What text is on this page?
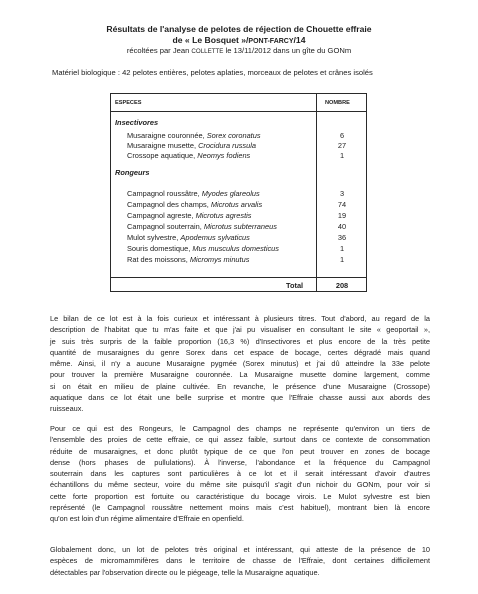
Résultats de l'analyse de pelotes de réjection de Chouette effraie
de « Le Bosquet »/PONT-FARCY/14
récoltées par Jean COLLETTE le 13/11/2012 dans un gîte du GONm
Matériel biologique : 42 pelotes entières, pelotes aplaties, morceaux de pelotes et crânes isolés
ESPECES	NOMBRE
Insectivores
Musaraigne couronnée, Sorex coronatus	6
Musaraigne musette, Crocidura russula	27
Crossope aquatique, Neomys fodiens	1
Rongeurs
Campagnol roussâtre, Myodes glareolus	3
Campagnol des champs, Microtus arvalis	74
Campagnol agreste, Microtus agrestis	19
Campagnol souterrain, Microtus subterraneus	40
Mulot sylvestre, Apodemus sylvaticus	36
Souris domestique, Mus musculus domesticus	1
Rat des moissons, Micromys minutus	1
Total	208
Le bilan de ce lot est à la fois curieux et intéressant à plusieurs titres. Tout d'abord, au regard de la
description de l'habitat que tu m'as faite et que j'ai pu visualiser en consultant le site « geoportail »,
je suis très surpris de la faible proportion (16,3 %) d'Insectivores et plus encore de la très petite
quantité de musaraignes du genre Sorex dans cet espace de bocage, certes dégradé mais quand
même. Ainsi, il n'y a aucune Musaraigne pygmée (Sorex minutus) et j'ai dû atteindre la 33e pelote
pour trouver la première Musaraigne couronnée. La Musaraigne musette domine largement, comme
si on était en milieu de plaine cultivée. En revanche, le présence d'une Musaraigne (Crossope)
aquatique dans ce lot était une belle surprise et montre que l'Effraie chasse aussi aux abords des
ruisseaux.
Pour ce qui est des Rongeurs, le Campagnol des champs ne représente qu'environ un tiers de
l'ensemble des proies de cette effraie, ce qui assez faible, surtout dans ce contexte de consommation
réduite de musaraignes, et donc plutôt typique de ce que l'on peut trouver en zones de bocage
dense (hors phases de pullulations). À l'inverse, l'abondance et la fréquence du Campagnol
souterrain dans les captures sont particulières à ce lot et il serait intéressant d'avoir d'autres
échantillons du même secteur, voire du même site puisqu'il s'agit d'un nichoir du GONm, pour voir si
cette forte proportion est fortuite ou caractéristique du bocage virois. Le Mulot sylvestre est bien
représenté (le Campagnol roussâtre nettement moins mais c'est habituel), montrant bien là encore
qu'on est loin d'un régime alimentaire d'Effraie en openfield.
Globalement donc, un lot de pelotes très original et intéressant, qui atteste de la présence de 10
espèces de micromammifères dans le territoire de chasse de l'Effraie, dont certaines difficilement
détectables par l'observation directe ou le piégeage, telle la Musaraigne aquatique.
